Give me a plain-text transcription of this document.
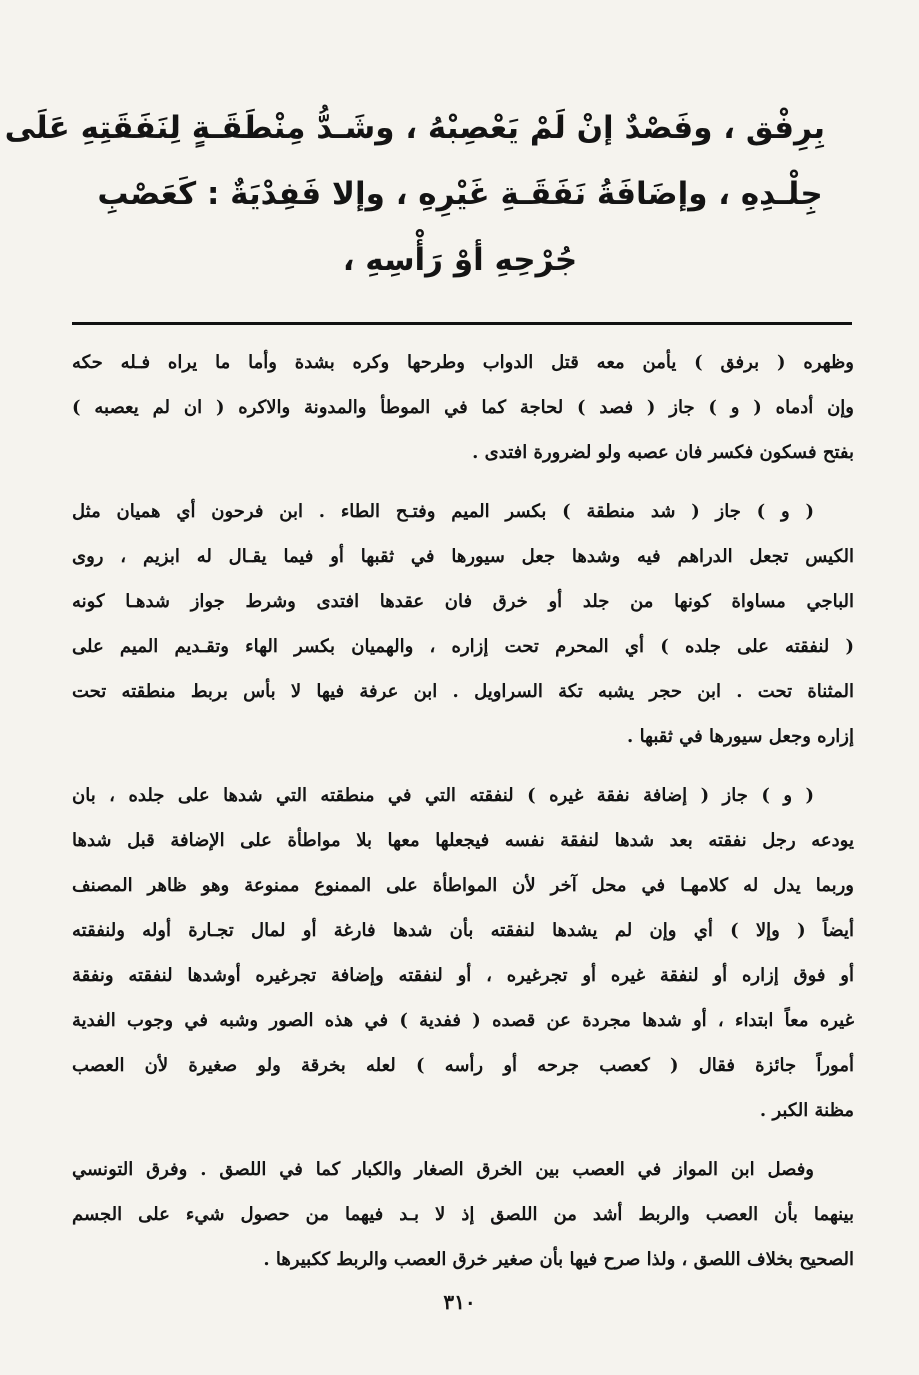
بِرِفْق ، وفَصْدٌ إنْ لَمْ يَعْصِبْهُ ، وشَـدُّ مِنْطَقَـةٍ لِنَفَقَتِهِ عَلَى
جِلْـدِهِ ، وإضَافَةُ نَفَقَـةِ غَيْرِهِ ، وإلا فَفِدْيَةٌ : كَعَصْبِ
جُرْحِهِ أوْ رَأْسِهِ ،
وظهره ( برفق ) يأمن معه قتل الدواب وطرحها وكره بشدة وأما ما يراه فـله حكه
وإن أدماه ( و ) جاز ( فصد ) لحاجة كما في الموطأ والمدونة والاكره ( ان لم يعصبه )
بفتح فسكون فكسر فان عصبه ولو لضرورة افتدى .
( و ) جاز ( شد منطقة ) بكسر الميم وفتـح الطاء . ابن فرحون أي هميان مثل
الكيس تجعل الدراهم فيه وشدها جعل سيورها في ثقبها أو فيما يقـال له ابزيم ، روى
الباجي مساواة كونها من جلد أو خرق فان عقدها افتدى وشرط جواز شدهـا كونه
( لنفقته على جلده ) أي المحرم تحت إزاره ، والهميان بكسر الهاء وتقـديم الميم على
المثناة تحت . ابن حجر يشبه تكة السراويل . ابن عرفة فيها لا بأس بربط منطقته تحت
إزاره وجعل سيورها في ثقبها .
( و ) جاز ( إضافة نفقة غيره ) لنفقته التي في منطقته التي شدها على جلده ، بان
يودعه رجل نفقته بعد شدها لنفقة نفسه فيجعلها معها بلا مواطأة على الإضافة قبل شدها
وربما يدل له كلامهـا في محل آخر لأن المواطأة على الممنوع ممنوعة وهو ظاهر المصنف
أيضاً ( وإلا ) أي وإن لم يشدها لنفقته بأن شدها فارغة أو لمال تجـارة أوله ولنفقته
أو فوق إزاره أو لنفقة غيره أو تجرغيره ، أو لنفقته وإضافة تجرغيره أوشدها لنفقته ونفقة
غيره معاً ابتداء ، أو شدها مجردة عن قصده ( ففدية ) في هذه الصور وشبه في وجوب الفدية
أموراً جائزة فقال ( كعصب جرحه أو رأسه ) لعله بخرقة ولو صغيرة لأن العصب
مظنة الكبر .
وفصل ابن المواز في العصب بين الخرق الصغار والكبار كما في اللصق . وفرق التونسي
بينهما بأن العصب والربط أشد من اللصق إذ لا بـد فيهما من حصول شيء على الجسم
الصحيح بخلاف اللصق ، ولذا صرح فيها بأن صغير خرق العصب والربط ككبيرها .
٣١٠
